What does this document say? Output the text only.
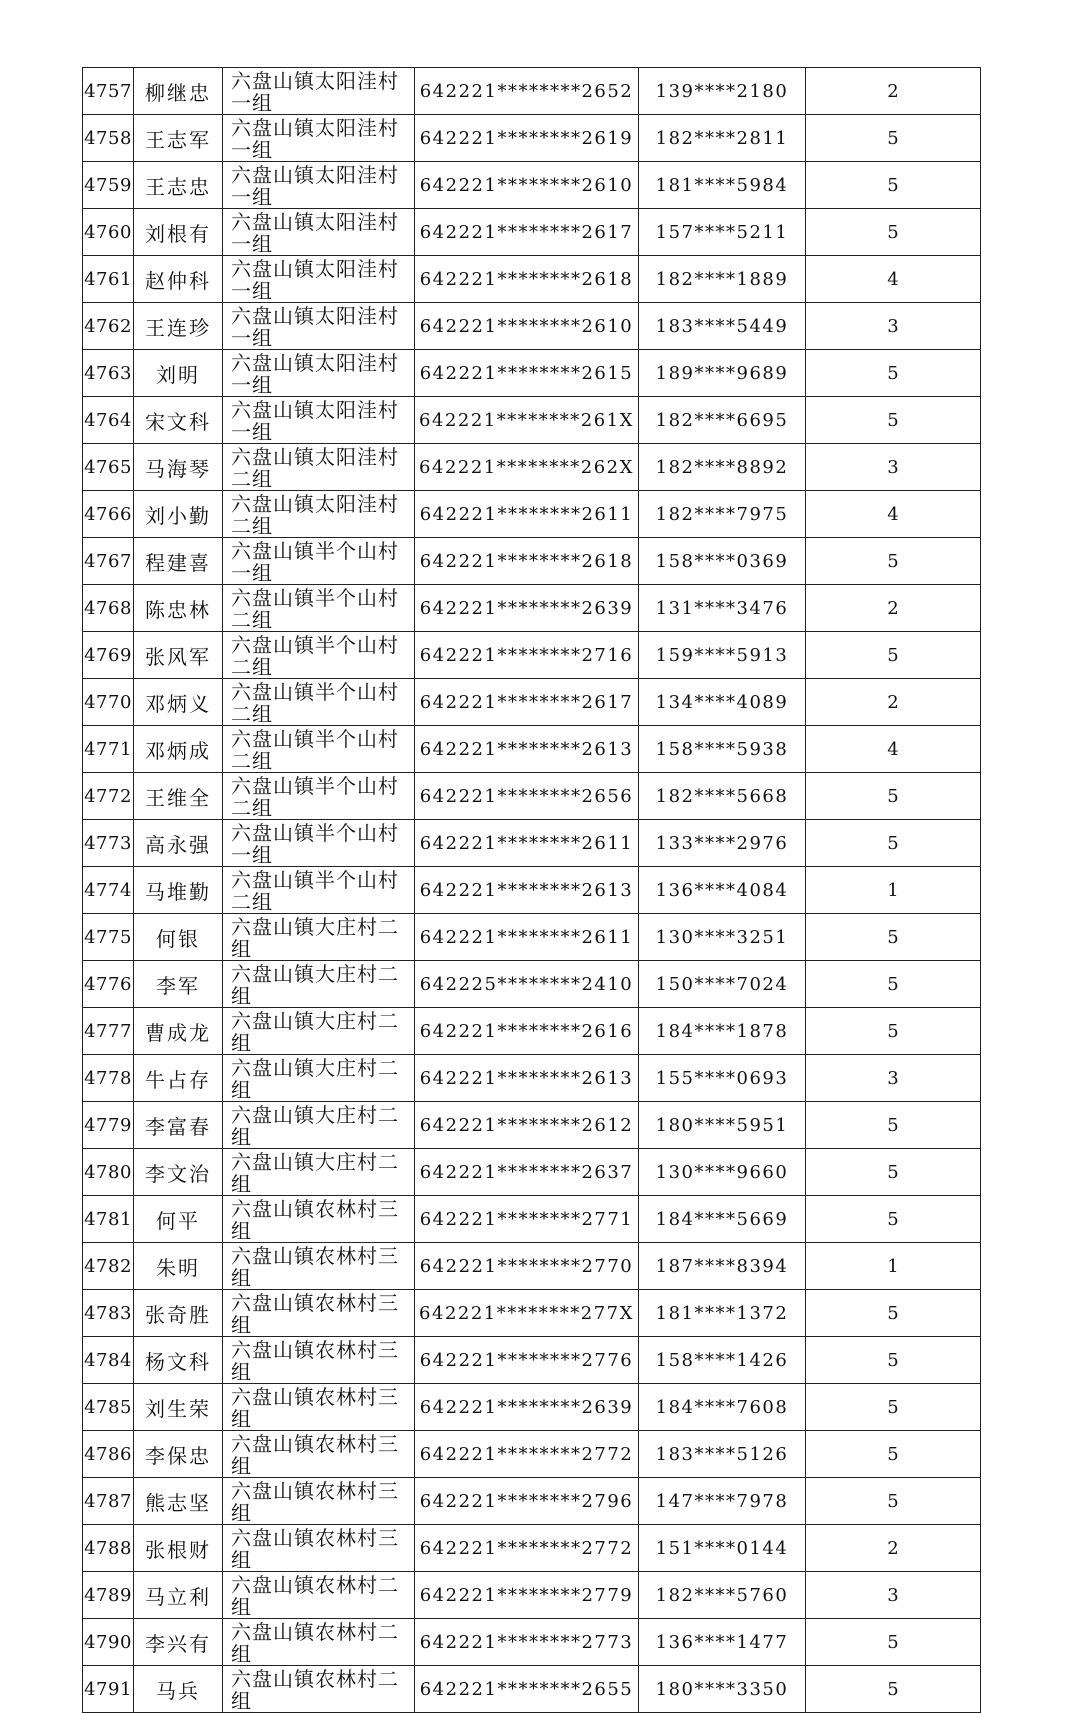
4757	柳继忠	六盘山镇太阳洼村一组	642221********2652	139****2180	2
4758	王志军	六盘山镇太阳洼村一组	642221********2619	182****2811	5
4759	王志忠	六盘山镇太阳洼村一组	642221********2610	181****5984	5
4760	刘根有	六盘山镇太阳洼村一组	642221********2617	157****5211	5
4761	赵仲科	六盘山镇太阳洼村一组	642221********2618	182****1889	4
4762	王连珍	六盘山镇太阳洼村一组	642221********2610	183****5449	3
4763	刘明	六盘山镇太阳洼村一组	642221********2615	189****9689	5
4764	宋文科	六盘山镇太阳洼村一组	642221********261X	182****6695	5
4765	马海琴	六盘山镇太阳洼村二组	642221********262X	182****8892	3
4766	刘小勤	六盘山镇太阳洼村二组	642221********2611	182****7975	4
4767	程建喜	六盘山镇半个山村一组	642221********2618	158****0369	5
4768	陈忠林	六盘山镇半个山村二组	642221********2639	131****3476	2
4769	张风军	六盘山镇半个山村二组	642221********2716	159****5913	5
4770	邓炳义	六盘山镇半个山村二组	642221********2617	134****4089	2
4771	邓炳成	六盘山镇半个山村二组	642221********2613	158****5938	4
4772	王维全	六盘山镇半个山村二组	642221********2656	182****5668	5
4773	高永强	六盘山镇半个山村一组	642221********2611	133****2976	5
4774	马堆勤	六盘山镇半个山村二组	642221********2613	136****4084	1
4775	何银	六盘山镇大庄村二组	642221********2611	130****3251	5
4776	李军	六盘山镇大庄村二组	642225********2410	150****7024	5
4777	曹成龙	六盘山镇大庄村二组	642221********2616	184****1878	5
4778	牛占存	六盘山镇大庄村二组	642221********2613	155****0693	3
4779	李富春	六盘山镇大庄村二组	642221********2612	180****5951	5
4780	李文治	六盘山镇大庄村二组	642221********2637	130****9660	5
4781	何平	六盘山镇农林村三组	642221********2771	184****5669	5
4782	朱明	六盘山镇农林村三组	642221********2770	187****8394	1
4783	张奇胜	六盘山镇农林村三组	642221********277X	181****1372	5
4784	杨文科	六盘山镇农林村三组	642221********2776	158****1426	5
4785	刘生荣	六盘山镇农林村三组	642221********2639	184****7608	5
4786	李保忠	六盘山镇农林村三组	642221********2772	183****5126	5
4787	熊志坚	六盘山镇农林村三组	642221********2796	147****7978	5
4788	张根财	六盘山镇农林村三组	642221********2772	151****0144	2
4789	马立利	六盘山镇农林村二组	642221********2779	182****5760	3
4790	李兴有	六盘山镇农林村二组	642221********2773	136****1477	5
4791	马兵	六盘山镇农林村二组	642221********2655	180****3350	5
